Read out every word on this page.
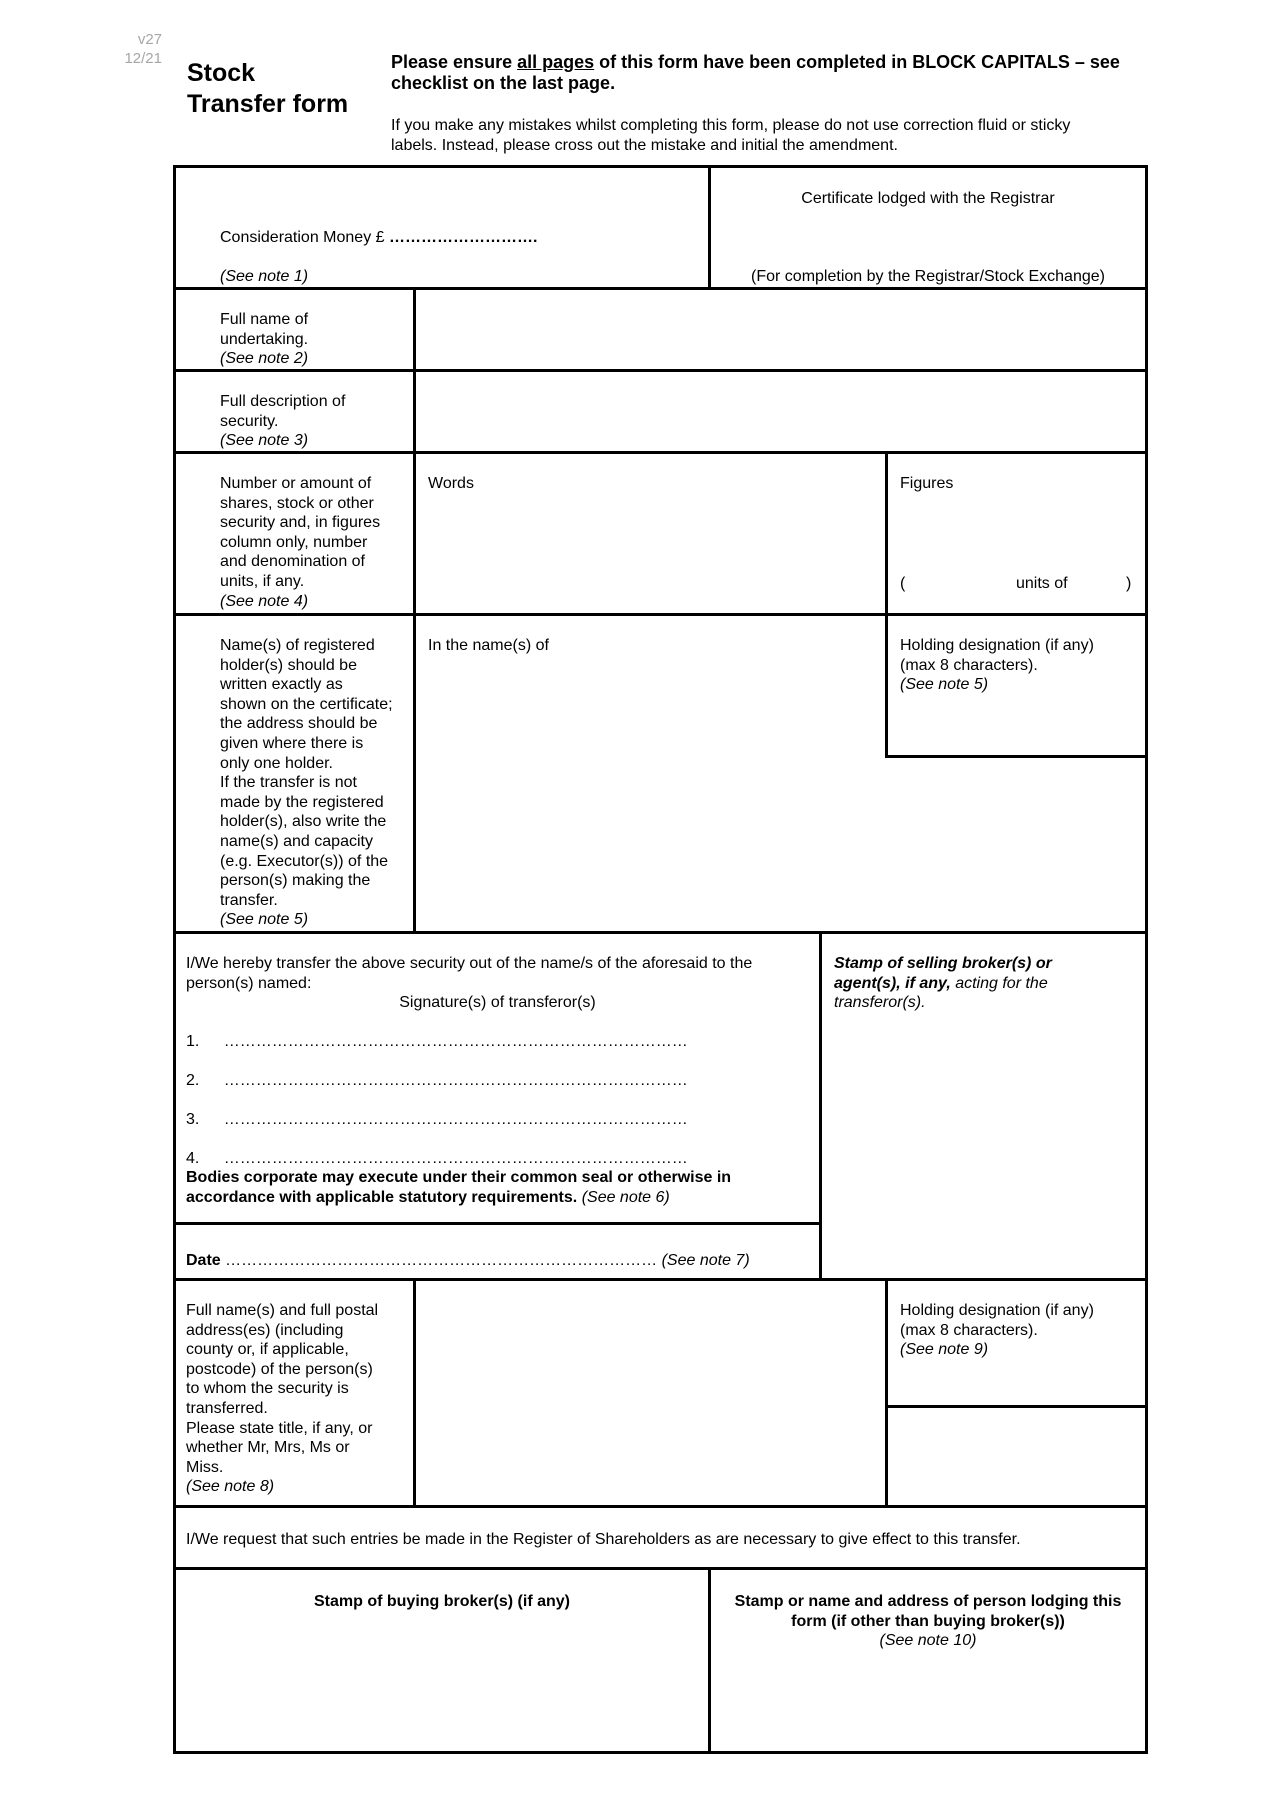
v27
12/21
Stock
Transfer form
Please ensure all pages of this form have been completed in BLOCK CAPITALS – see checklist on the last page.
If you make any mistakes whilst completing this form, please do not use correction fluid or sticky
labels. Instead, please cross out the mistake and initial the amendment.
Consideration Money £ ……………………….
(See note 1)
Certificate lodged with the Registrar
(For completion by the Registrar/Stock Exchange)
Full name of
undertaking.
(See note 2)
Full description of
security.
(See note 3)
Number or amount of
shares, stock or other
security and, in figures
column only, number
and denomination of
units, if any.
(See note 4)
Words	Figures
(	units of	)
Name(s) of registered
holder(s) should be
written exactly as
shown on the certificate;
the address should be
given where there is
only one holder.
If the transfer is not
made by the registered
holder(s), also write the
name(s) and capacity
(e.g. Executor(s)) of the
person(s) making the
transfer.
(See note 5)
In the name(s) of	Holding designation (if any)
(max 8 characters).
(See note 5)
I/We hereby transfer the above security out of the name/s of the aforesaid to the
person(s) named:
Signature(s) of transferor(s)
1. ……………………………………………………………………………
2. ……………………………………………………………………………
3. ……………………………………………………………………………
4. ……………………………………………………………………………
Bodies corporate may execute under their common seal or otherwise in
accordance with applicable statutory requirements. (See note 6)
Date ……………………………………………………………………… (See note 7)
Stamp of selling broker(s) or
agent(s), if any, acting for the
transferor(s).
Full name(s) and full postal
address(es) (including
county or, if applicable,
postcode) of the person(s)
to whom the security is
transferred.
Please state title, if any, or
whether Mr, Mrs, Ms or
Miss.
(See note 8)
Holding designation (if any)
(max 8 characters).
(See note 9)
I/We request that such entries be made in the Register of Shareholders as are necessary to give effect to this transfer.
Stamp of buying broker(s) (if any)	Stamp or name and address of person lodging this
form (if other than buying broker(s))
(See note 10)
